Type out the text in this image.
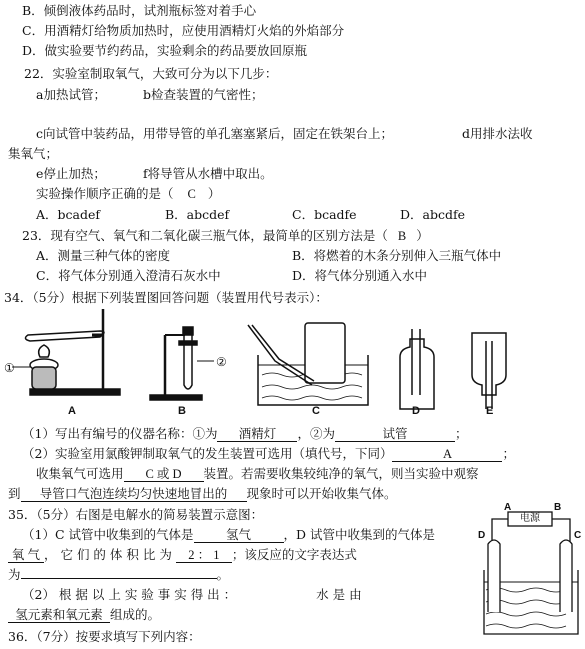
B．倾倒液体药品时，试剂瓶标签对着手心
C．用酒精灯给物质加热时，应使用酒精灯火焰的外焰部分
D．做实验要节约药品，实验剩余的药品要放回原瓶
22．实验室制取氧气，大致可分为以下几步：
a加热试管；	b检查装置的气密性；
c向试管中装药品，用带导管的单孔塞塞紧后，固定在铁架台上；	d用排水法收
集氧气；
e停止加热；	f将导管从水槽中取出。
实验操作顺序正确的是（ C ）
A．bcadef	B．abcdef	C．bcadfe	D．abcdfe
23．现有空气、氧气和二氧化碳三瓶气体，最简单的区别方法是（ B ）
A．测量三种气体的密度	B．将燃着的木条分别伸入三瓶气体中
C．将气体分别通入澄清石灰水中	D．将气体分别通入水中
34．（5分）根据下列装置图回答问题（装置用代号表示）：
①	②
A	B	C	D	E
（1）写出有编号的仪器名称：①为 酒精灯 ，②为	试管	；
（2）实验室用氯酸钾制取氧气的发生装置可选用（填代号，下同）	A	；
收集氧气可选用 C 或 D 装置。若需要收集较纯净的氧气，则当实验中观察
到 导管口气泡连续均匀快速地冒出的 现象时可以开始收集气体。
35．（5分）右图是电解水的简易装置示意图：
（1）C 试管中收集到的气体是	氢气	，D 试管中收集到的气体是
氧 气 ， 它 们 的 体 积 比 为 2 ： 1 ；该反应的文字表达式
为	。
（2） 根 据 以 上 实 验 事 实 得 出 ：	水 是 由
氢元素和氧元素 组成的。
电源
A	B
D	C
36．（7分）按要求填写下列内容：
